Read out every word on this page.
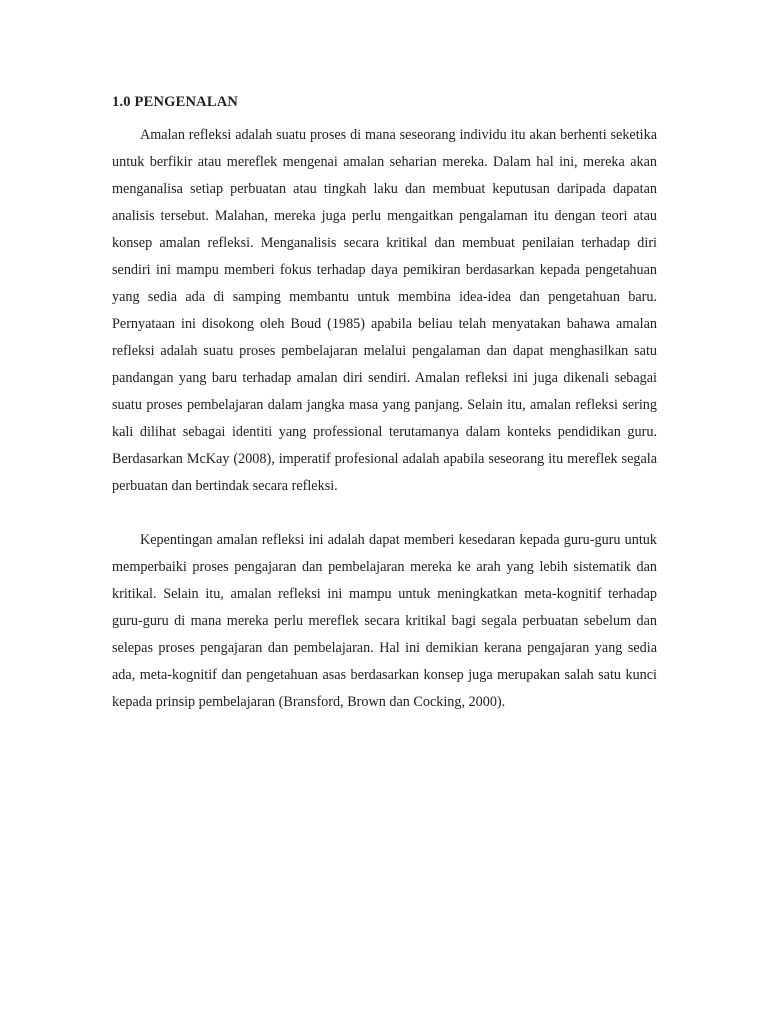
1.0 PENGENALAN

Amalan refleksi adalah suatu proses di mana seseorang individu itu akan berhenti seketika untuk berfikir atau mereflek mengenai amalan seharian mereka. Dalam hal ini, mereka akan menganalisa setiap perbuatan atau tingkah laku dan membuat keputusan daripada dapatan analisis tersebut. Malahan, mereka juga perlu mengaitkan pengalaman itu dengan teori atau konsep amalan refleksi. Menganalisis secara kritikal dan membuat penilaian terhadap diri sendiri ini mampu memberi fokus terhadap daya pemikiran berdasarkan kepada pengetahuan yang sedia ada di samping membantu untuk membina idea-idea dan pengetahuan baru. Pernyataan ini disokong oleh Boud (1985) apabila beliau telah menyatakan bahawa amalan refleksi adalah suatu proses pembelajaran melalui pengalaman dan dapat menghasilkan satu pandangan yang baru terhadap amalan diri sendiri. Amalan refleksi ini juga dikenali sebagai suatu proses pembelajaran dalam jangka masa yang panjang. Selain itu, amalan refleksi sering kali dilihat sebagai identiti yang professional terutamanya dalam konteks pendidikan guru. Berdasarkan McKay (2008), imperatif profesional adalah apabila seseorang itu mereflek segala perbuatan dan bertindak secara refleksi.

Kepentingan amalan refleksi ini adalah dapat memberi kesedaran kepada guru-guru untuk memperbaiki proses pengajaran dan pembelajaran mereka ke arah yang lebih sistematik dan kritikal. Selain itu, amalan refleksi ini mampu untuk meningkatkan meta-kognitif terhadap guru-guru di mana mereka perlu mereflek secara kritikal bagi segala perbuatan sebelum dan selepas proses pengajaran dan pembelajaran. Hal ini demikian kerana pengajaran yang sedia ada, meta-kognitif dan pengetahuan asas berdasarkan konsep juga merupakan salah satu kunci kepada prinsip pembelajaran (Bransford, Brown dan Cocking, 2000).
